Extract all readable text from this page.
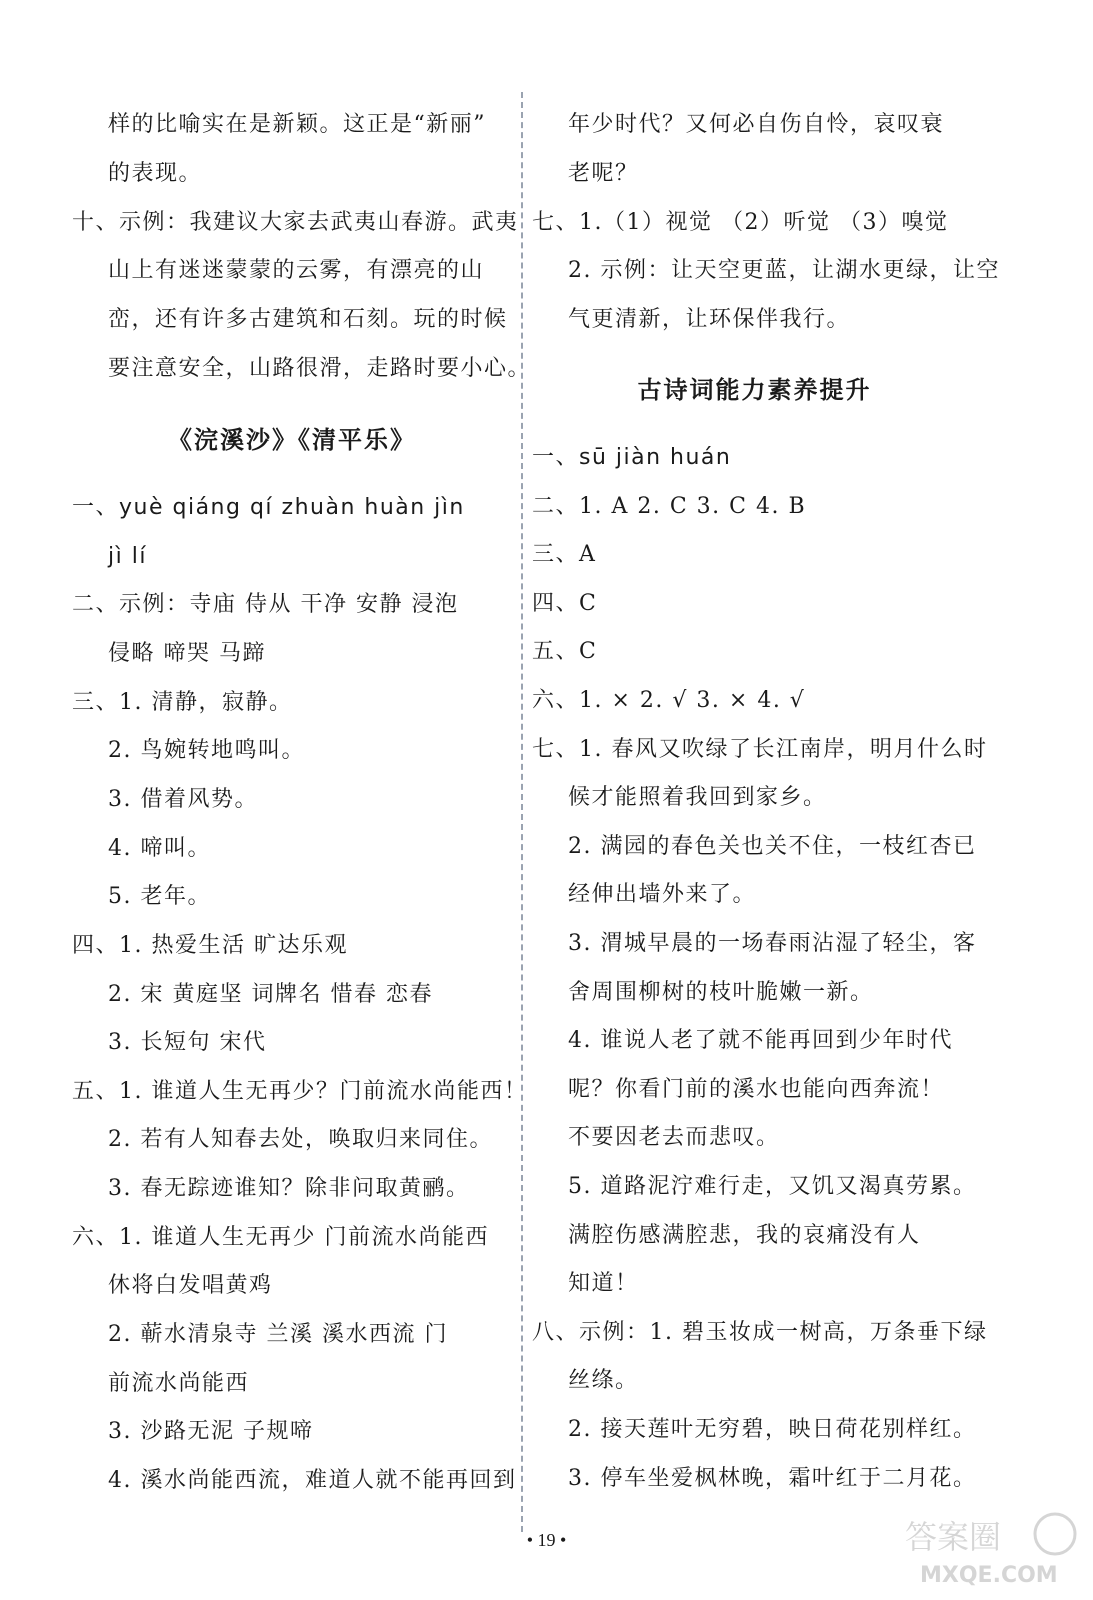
样的比喻实在是新颖。这正是“新丽”
的表现。
十、示例：我建议大家去武夷山春游。武夷
山上有迷迷蒙蒙的云雾，有漂亮的山
峦，还有许多古建筑和石刻。玩的时候
要注意安全，山路很滑，走路时要小心。
《浣溪沙》《清平乐》
一、yuè qiáng qí zhuàn huàn jìn
jì lí
二、示例：寺庙 侍从 干净 安静 浸泡
侵略 啼哭 马蹄
三、1. 清静，寂静。
2. 鸟婉转地鸣叫。
3. 借着风势。
4. 啼叫。
5. 老年。
四、1. 热爱生活 旷达乐观
2. 宋 黄庭坚 词牌名 惜春 恋春
3. 长短句 宋代
五、1. 谁道人生无再少？门前流水尚能西！
2. 若有人知春去处，唤取归来同住。
3. 春无踪迹谁知？除非问取黄鹂。
六、1. 谁道人生无再少 门前流水尚能西
休将白发唱黄鸡
2. 蕲水清泉寺 兰溪 溪水西流 门
前流水尚能西
3. 沙路无泥 子规啼
4. 溪水尚能西流，难道人就不能再回到
年少时代？又何必自伤自怜，哀叹衰
老呢？
七、1.（1）视觉 （2）听觉 （3）嗅觉
2. 示例：让天空更蓝，让湖水更绿，让空
气更清新，让环保伴我行。
古诗词能力素养提升
一、sū jiàn huán
二、1. A 2. C 3. C 4. B
三、A
四、C
五、C
六、1. × 2. √ 3. × 4. √
七、1. 春风又吹绿了长江南岸，明月什么时
候才能照着我回到家乡。
2. 满园的春色关也关不住，一枝红杏已
经伸出墙外来了。
3. 渭城早晨的一场春雨沾湿了轻尘，客
舍周围柳树的枝叶脆嫩一新。
4. 谁说人老了就不能再回到少年时代
呢？你看门前的溪水也能向西奔流！
不要因老去而悲叹。
5. 道路泥泞难行走，又饥又渴真劳累。
满腔伤感满腔悲，我的哀痛没有人
知道！
八、示例：1. 碧玉妆成一树高，万条垂下绿
丝绦。
2. 接天莲叶无穷碧，映日荷花别样红。
3. 停车坐爱枫林晚，霜叶红于二月花。
• 19 •	答案圈
MXQE.COM
